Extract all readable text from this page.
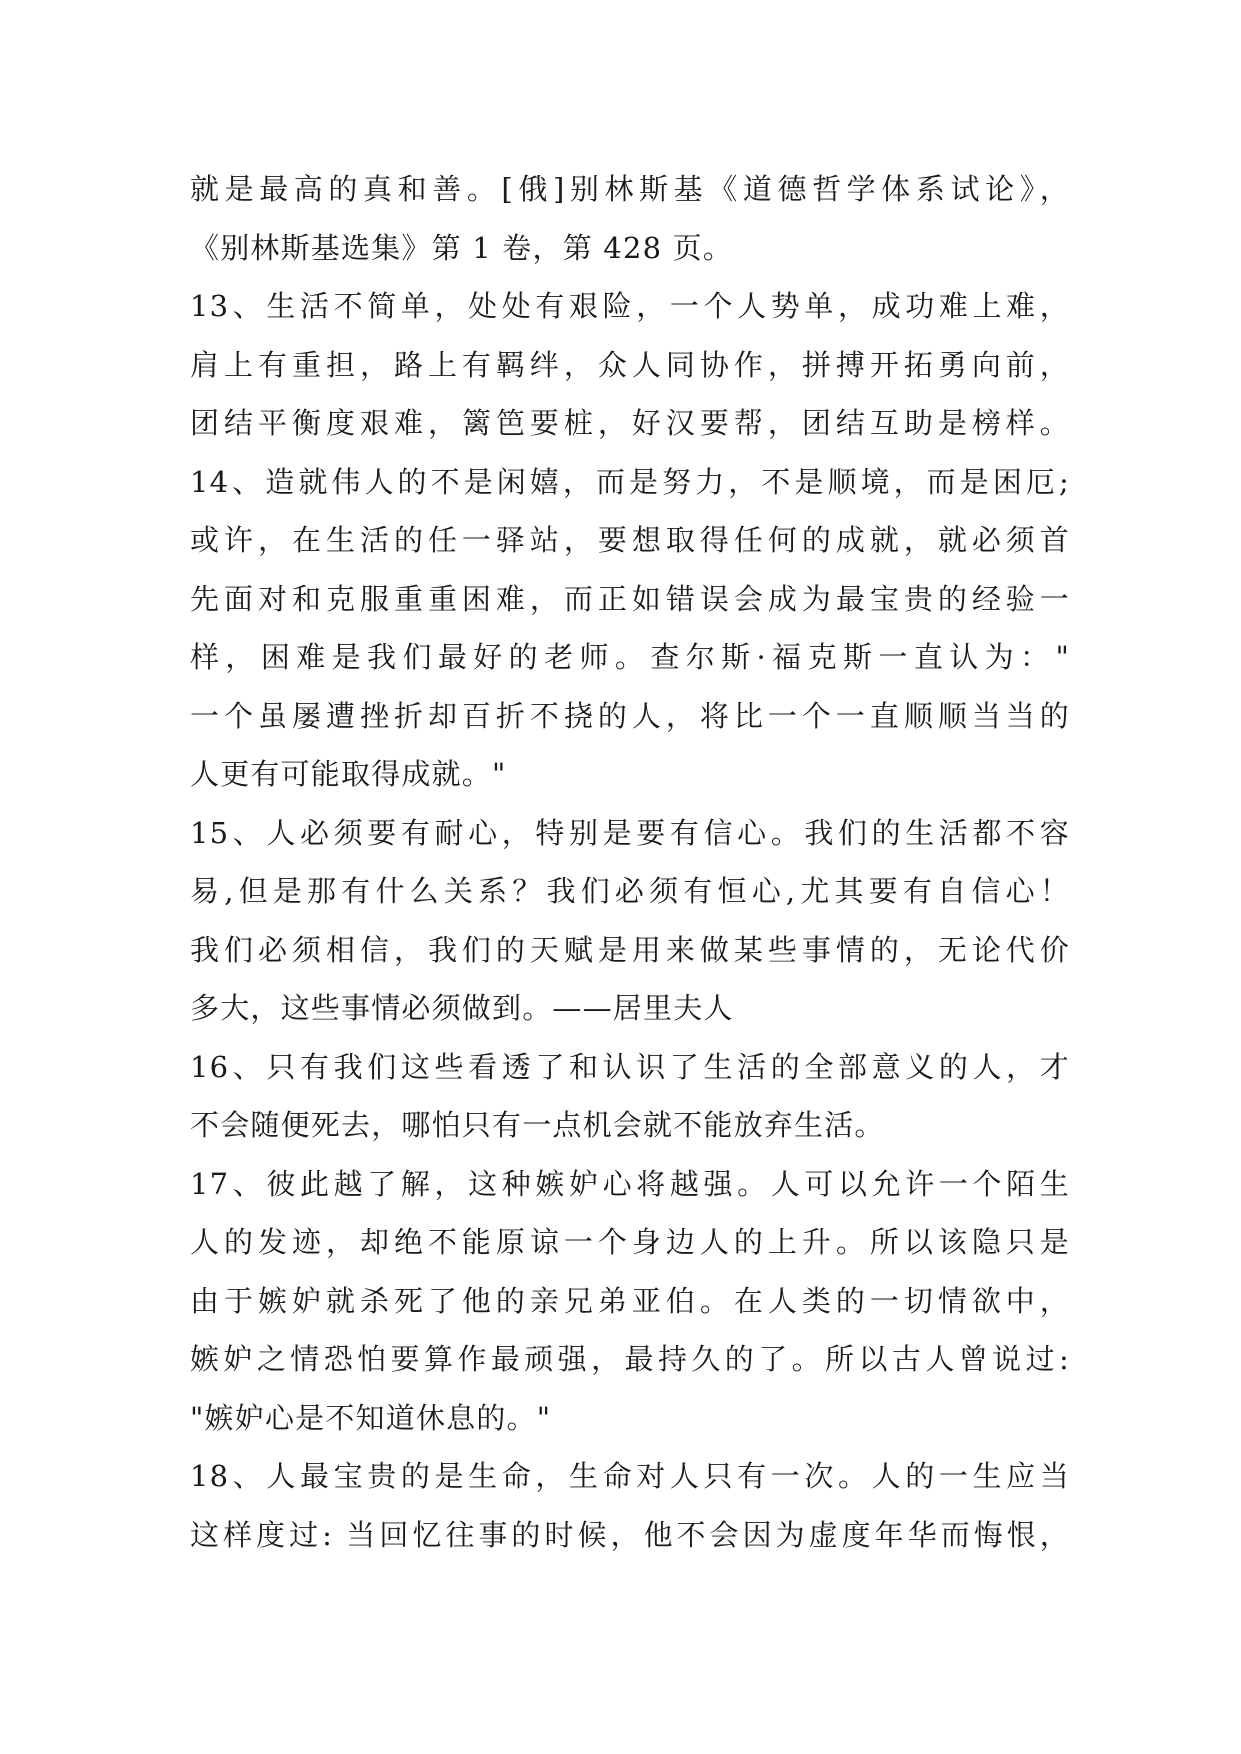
就是最高的真和善。[俄]别林斯基《道德哲学体系试论》，
《别林斯基选集》第 1 卷，第 428 页。
13、生活不简单，处处有艰险，一个人势单，成功难上难，
肩上有重担，路上有羁绊，众人同协作，拼搏开拓勇向前，
团结平衡度艰难，篱笆要桩，好汉要帮，团结互助是榜样。
14、造就伟人的不是闲嬉，而是努力，不是顺境，而是困厄;
或许，在生活的任一驿站，要想取得任何的成就，就必须首
先面对和克服重重困难，而正如错误会成为最宝贵的经验一
样，困难是我们最好的老师。查尔斯·福克斯一直认为："
一个虽屡遭挫折却百折不挠的人，将比一个一直顺顺当当的
人更有可能取得成就。"
15、人必须要有耐心，特别是要有信心。我们的生活都不容
易,但是那有什么关系？我们必须有恒心,尤其要有自信心！
我们必须相信，我们的天赋是用来做某些事情的，无论代价
多大，这些事情必须做到。——居里夫人
16、只有我们这些看透了和认识了生活的全部意义的人，才
不会随便死去，哪怕只有一点机会就不能放弃生活。
17、彼此越了解，这种嫉妒心将越强。人可以允许一个陌生
人的发迹，却绝不能原谅一个身边人的上升。所以该隐只是
由于嫉妒就杀死了他的亲兄弟亚伯。在人类的一切情欲中，
嫉妒之情恐怕要算作最顽强，最持久的了。所以古人曾说过:
"嫉妒心是不知道休息的。"
18、人最宝贵的是生命，生命对人只有一次。人的一生应当
这样度过: 当回忆往事的时候，他不会因为虚度年华而悔恨，
